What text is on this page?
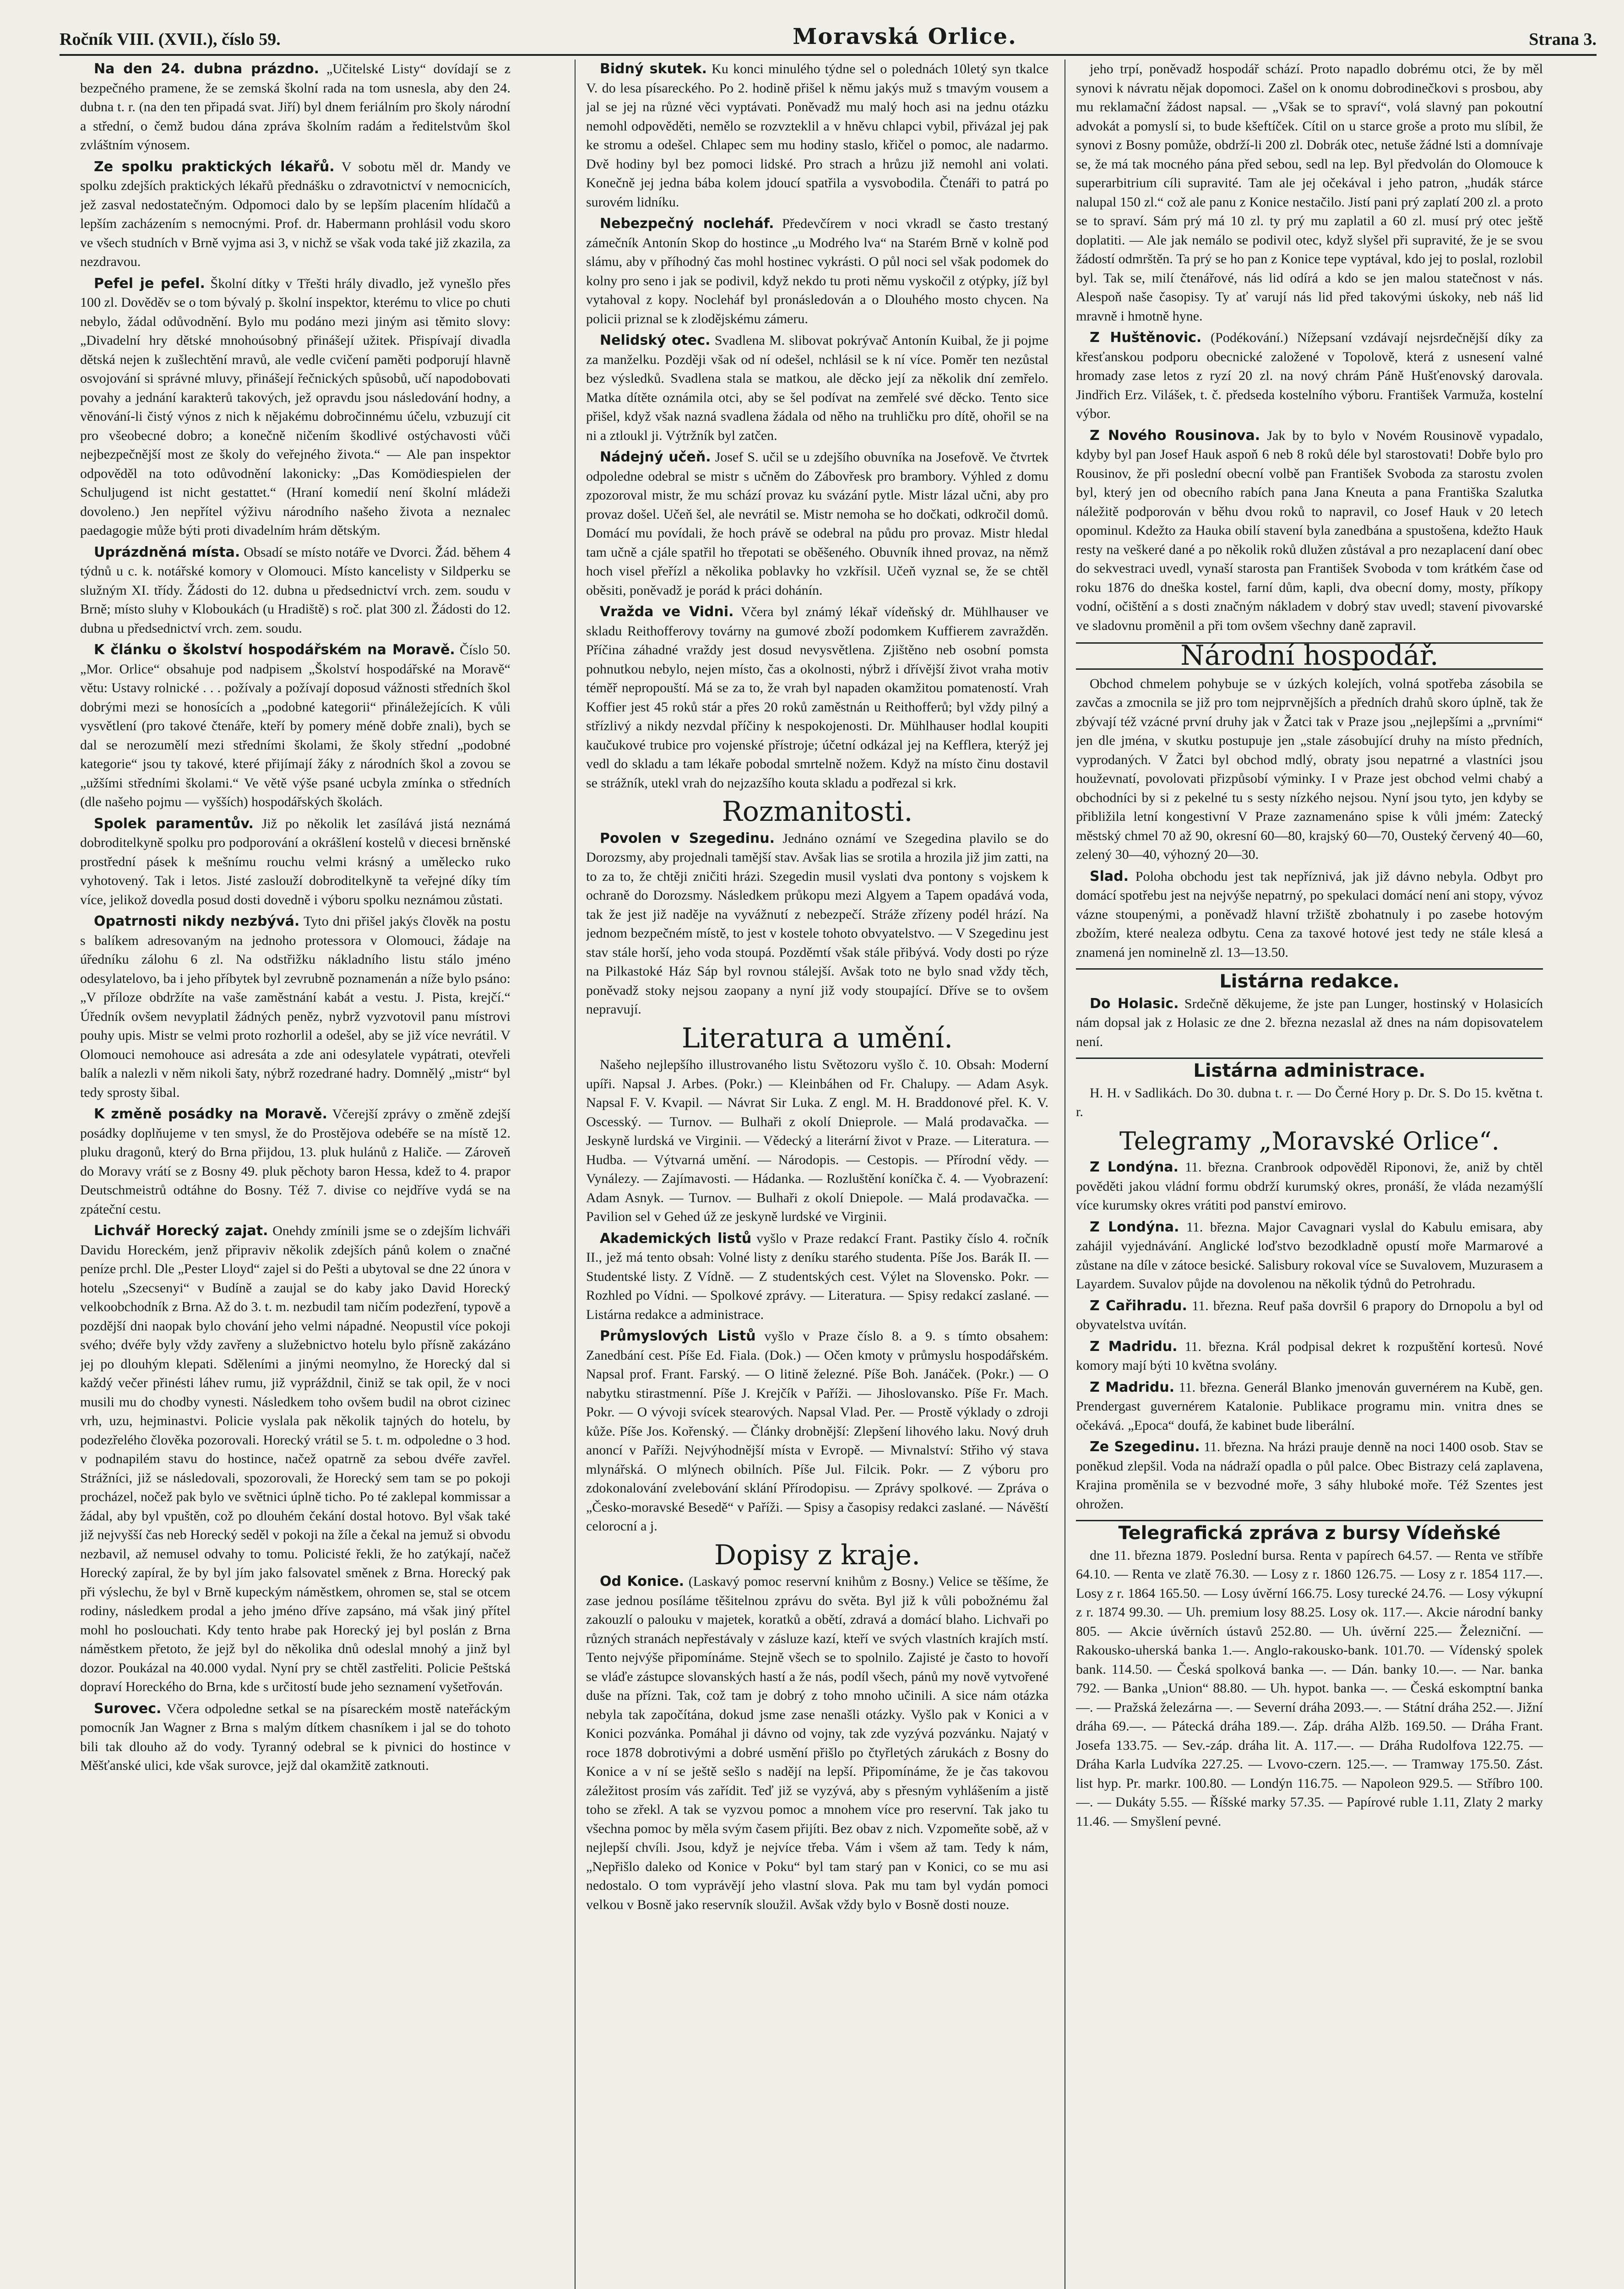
Ročník VIII. (XVII.), číslo 59.	Moravská Orlice.	Strana 3.

Na den 24. dubna prázdno. „Učitelské Listy“ dovídají se z bezpečného pramene, že se zemská školní rada na tom usnesla, aby den 24. dubna t. r. (na den ten připadá svat. Jiří) byl dnem feriálním pro školy národní a střední, o čemž budou dána zpráva školním radám a ředitelstvům škol zvláštním výnosem.

Ze spolku praktických lékařů. V sobotu měl dr. Mandy ve spolku zdejších praktických lékařů přednášku o zdravotnictví v nemocnicích, jež zasval nedostatečným. Odpomoci dalo by se lepším placením hlídačů a lepším zacházením s nemocnými. Prof. dr. Habermann prohlásil vodu skoro ve všech studních v Brně vyjma asi 3, v nichž se však voda také již zkazila, za nezdravou.

Pefel je pefel. Školní dítky v Třešti hrály divadlo, jež vynešlo přes 100 zl. Dověděv se o tom bývalý p. školní inspektor, kterému to vlice po chuti nebylo, žádal odůvodnění. Bylo mu podáno mezi jiným asi těmito slovy: „Divadelní hry dětské mnohoúsobný přinášejí užitek. Přispívají divadla dětská nejen k zušlechtění mravů, ale vedle cvičení paměti podporují hlavně osvojování si správné mluvy, přinášejí řečnických spůsobů, učí napodobovati povahy a jednání karakterů takových, jež opravdu jsou následování hodny, a věnování-li čistý výnos z nich k nějakému dobročinnému účelu, vzbuzují cit pro všeobecné dobro; a konečně ničením škodlivé ostýchavosti vůči nejbezpečnější most ze školy do veřejného života.“ — Ale pan inspektor odpověděl na toto odůvodnění lakonicky: „Das Komödiespielen der Schuljugend ist nicht gestattet.“ (Hraní komedií není školní mládeži dovoleno.) Jen nepřítel výživu národního našeho života a neznalec paedagogie může býti proti divadelním hrám dětským.

Uprázdněná místa. Obsadí se místo notáře ve Dvorci. Žád. během 4 týdnů u c. k. notářské komory v Olomouci. Místo kancelisty v Sildperku se služným XI. třídy. Žádosti do 12. dubna u předsednictví vrch. zem. soudu v Brně; místo sluhy v Kloboukách (u Hradiště) s roč. plat 300 zl. Žádosti do 12. dubna u předsednictví vrch. zem. soudu.

K článku o školství hospodářském na Moravě. Číslo 50. „Mor. Orlice“ obsahuje pod nadpisem „Školství hospodářské na Moravě“ větu: Ustavy rolnické . . . požívaly a požívají doposud vážnosti středních škol dobrými mezi se honosících a „podobné kategorii“ přináležejících. K vůli vysvětlení (pro takové čtenáře, kteří by pomery méně dobře znali), bych se dal se nerozumělí mezi středními školami, že školy střední „podobné kategorie“ jsou ty takové, které přijímají žáky z národních škol a zovou se „užšími středními školami.“ Ve větě výše psané ucbyla zmínka o středních (dle našeho pojmu — vyšších) hospodářských školách.

Spolek paramentův. Již po několik let zasílává jistá neznámá dobroditelkyně spolku pro podporování a okrášlení kostelů v diecesi brněnské prostřední pásek k mešnímu rouchu velmi krásný a umělecko ruko vyhotovený. Tak i letos. Jisté zaslouží dobroditelkyně ta veřejné díky tím více, jelikož dovedla posud dosti dovedně i výboru spolku neznámou zůstati.

Opatrnosti nikdy nezbývá. Tyto dni přišel jakýs člověk na postu s balíkem adresovaným na jednoho protessora v Olomouci, žádaje na úředníku zálohu 6 zl. Na odstřižku nákladního listu stálo jméno odesylatelovo, ba i jeho příbytek byl zevrubně poznamenán a níže bylo psáno: „V příloze obdržíte na vaše zaměstnání kabát a vestu. J. Pista, krejčí.“ Úředník ovšem nevyplatil žádných peněz, nybrž vyzvotovil panu místrovi pouhy upis. Mistr se velmi proto rozhorlil a odešel, aby se již více nevrátil. V Olomouci nemohouce asi adresáta a zde ani odesylatele vypátrati, otevřeli balík a nalezli v něm nikoli šaty, nýbrž rozedrané hadry. Domnělý „mistr“ byl tedy sprosty šibal.

K změně posádky na Moravě. Včerejší zprávy o změně zdejší posádky doplňujeme v ten smysl, že do Prostějova odebéře se na místě 12. pluku dragonů, který do Brna přijdou, 13. pluk hulánů z Haliče. — Zároveň do Moravy vrátí se z Bosny 49. pluk pěchoty baron Hessa, kdež to 4. prapor Deutschmeistrů odtáhne do Bosny. Též 7. divise co nejdříve vydá se na zpáteční cestu.

Lichvář Horecký zajat. Onehdy zmínili jsme se o zdejším lichváři Davidu Horeckém, jenž připraviv několik zdejších pánů kolem o značné peníze prchl. Dle „Pester Lloyd“ zajel si do Pešti a ubytoval se dne 22 února v hotelu „Szecsenyi“ v Budíně a zaujal se do kaby jako David Horecký velkoobchodník z Brna. Až do 3. t. m. nezbudil tam ničím podezření, typově a pozdější dni naopak bylo chování jeho velmi nápadné. Neopustil více pokoji svého; dvéře byly vždy zavřeny a služebnictvo hotelu bylo přísně zakázáno jej po dlouhým klepati. Sděleními a jinými neomylno, že Horecký dal si každý večer přinésti láhev rumu, již vypráždnil, činiž se tak opil, že v noci musili mu do chodby vynesti. Následkem toho ovšem budil na obrot cizinec vrh, uzu, hejminastvi. Policie vyslala pak několik tajných do hotelu, by podezřelého člověka pozorovali. Horecký vrátil se 5. t. m. odpoledne o 3 hod. v podnapilém stavu do hostince, načež opatrně za sebou dvéře zavřel. Strážníci, již se následovali, spozorovali, že Horecký sem tam se po pokoji procházel, nočež pak bylo ve světnici úplně ticho. Po té zaklepal kommissar a žádal, aby byl vpuštěn, což po dlouhém čekání dostal hotovo. Byl však také již nejvyšší čas neb Horecký seděl v pokoji na žíle a čekal na jemuž si obvodu nezbavil, až nemusel odvahy to tomu. Policisté řekli, že ho zatýkají, načež Horecký zapíral, že by byl jím jako falsovatel směnek z Brna. Horecký pak při výslechu, že byl v Brně kupeckým náměstkem, ohromen se, stal se otcem rodiny, následkem prodal a jeho jméno dříve zapsáno, má však jiný přítel mohl ho poslouchati. Kdy tento hrabe pak Horecký jej byl poslán z Brna náměstkem přetoto, že jejž byl do několika dnů odeslal mnohý a jinž byl dozor. Poukázal na 40.000 vydal. Nyní pry se chtěl zastřeliti. Policie Peštská dopraví Horeckého do Brna, kde s určitostí bude jeho seznamení vyšetřován.

Surovec. Včera odpoledne setkal se na písareckém mostě nateřáckým pomocník Jan Wagner z Brna s malým dítkem chasníkem i jal se do tohoto bili tak dlouho až do vody. Tyranný odebral se k pivnici do hostince v Měšťanské ulici, kde však surovce, jejž dal okamžitě zatknouti.

Bidný skutek. Ku konci minulého týdne sel o polednách 10letý syn tkalce V. do lesa písareckého. Po 2. hodině přišel k němu jakýs muž s tmavým vousem a jal se jej na různé věci vyptávati. Poněvadž mu malý hoch asi na jednu otázku nemohl odpověděti, nemělo se rozvzteklil a v hněvu chlapci vybil, přivázal jej pak ke stromu a odešel. Chlapec sem mu hodiny staslo, křičel o pomoc, ale nadarmo. Dvě hodiny byl bez pomoci lidské. Pro strach a hrůzu již nemohl ani volati. Konečně jej jedna bába kolem jdoucí spatřila a vysvobodila. Čtenáři to patrá po surovém lidníku.

Nebezpečný nocleháf. Předevčírem v noci vkradl se často trestaný zámečník Antonín Skop do hostince „u Modrého lva“ na Starém Brně v kolně pod slámu, aby v příhodný čas mohl hostinec vykrásti. O půl noci sel však podomek do kolny pro seno i jak se podivil, když nekdo tu proti němu vyskočil z otýpky, jíž byl vytahoval z kopy. Nocleháf byl pronásledován a o Dlouhého mosto chycen. Na policii priznal se k zlodějskému zámeru.

Nelidský otec. Svadlena M. slibovat pokrývač Antonín Kuibal, že ji pojme za manželku. Později však od ní odešel, nchlásil se k ní více. Poměr ten nezůstal bez výsledků. Svadlena stala se matkou, ale děcko její za několik dní zemřelo. Matka dítěte oznámila otci, aby se šel podívat na zemřelé své děcko. Tento sice přišel, když však nazná svadlena žádala od něho na truhličku pro dítě, ohořil se na ni a ztloukl ji. Výtržník byl zatčen.

Nádejný učeň. Josef S. učil se u zdejšího obuvníka na Josefově. Ve čtvrtek odpoledne odebral se mistr s učněm do Zábovřesk pro brambory. Výhled z domu zpozoroval mistr, že mu schází provaz ku svázání pytle. Mistr lázal učni, aby pro provaz došel. Učeň šel, ale nevrátil se. Mistr nemoha se ho dočkati, odkročil domů. Domácí mu povídali, že hoch právě se odebral na půdu pro provaz. Mistr hledal tam učně a cjále spatřil ho třepotati se oběšeného. Obuvník ihned provaz, na němž hoch visel přeřízl a několika poblavky ho vzkřísil. Učeň vyznal se, že se chtěl oběsiti, poněvadž je porád k práci dohánín.

Vražda ve Vidni. Včera byl známý lékař vídeňský dr. Mühlhauser ve skladu Reithofferovy továrny na gumové zboží podomkem Kuffierem zavražděn. Příčina záhadné vraždy jest dosud nevysvětlena. Zjištěno neb osobní pomsta pohnutkou nebylo, nejen místo, čas a okolnosti, nýbrž i dřívější život vraha motiv téměř nepropouští. Má se za to, že vrah byl napaden okamžitou pomateností. Vrah Koffier jest 45 roků stár a přes 20 roků zaměstnán u Reithofferů; byl vždy pilný a střízlivý a nikdy nezvdal příčiny k nespokojenosti. Dr. Mühlhauser hodlal koupiti kaučukové trubice pro vojenské přístroje; účetní odkázal jej na Kefflera, kterýž jej vedl do skladu a tam lékaře pobodal smrtelně nožem. Když na místo činu dostavil se strážník, utekl vrah do nejzazšího kouta skladu a podřezal si krk.

Rozmanitosti.

Povolen v Szegedinu. Jednáno oznámí ve Szegedina plavilo se do Dorozsmy, aby projednali tamější stav. Avšak lias se srotila a hrozila již jim zatti, na to za to, že chtěji zničiti hrázi. Szegedin musil vyslati dva pontony s vojskem k ochraně do Dorozsmy. Následkem průkopu mezi Algyem a Tapem opadává voda, tak že jest již naděje na vyvážnutí z nebezpečí. Stráže zřízeny podél hrází. Na jednom bezpečném místě, to jest v kostele tohoto obvyatelstvo. — V Szegedinu jest stav stále horší, jeho voda stoupá. Pozděmtí však stále přibývá. Vody dosti po rýze na Pilkastoké Ház Sáp byl rovnou stálejší. Avšak toto ne bylo snad vždy těch, poněvadž stoky nejsou zaopany a nyní již vody stoupající. Dříve se to ovšem nepravují.

Literatura a umění.

Našeho nejlepšího illustrovaného listu Světozoru vyšlo č. 10. Obsah: Moderní upíři. Napsal J. Arbes. (Pokr.) — Kleinbáhen od Fr. Chalupy. — Adam Asyk. Napsal F. V. Kvapil. — Návrat Sir Luka. Z engl. M. H. Braddonové přel. K. V. Oscesský. — Turnov. — Bulhaři z okolí Dnieprole. — Malá prodavačka. — Jeskyně lurdská ve Virginii. — Vědecký a literární život v Praze. — Literatura. — Hudba. — Výtvarná umění. — Národopis. — Cestopis. — Přírodní vědy. — Vynálezy. — Zajímavosti. — Hádanka. — Rozluštění koníčka č. 4. — Vyobrazení: Adam Asnyk. — Turnov. — Bulhaři z okolí Dniepole. — Malá prodavačka. — Pavilion sel v Gehed úž ze jeskyně lurdské ve Virginii.

Akademických listů vyšlo v Praze redakcí Frant. Pastiky číslo 4. ročník II., jež má tento obsah: Volné listy z deníku starého studenta. Píše Jos. Barák II. — Studentské listy. Z Vídně. — Z studentských cest. Výlet na Slovensko. Pokr. — Rozhled po Vídni. — Spolkové zprávy. — Literatura. — Spisy redakcí zaslané. — Listárna redakce a administrace.

Průmyslových Listů vyšlo v Praze číslo 8. a 9. s tímto obsahem: Zanedbání cest. Píše Ed. Fiala. (Dok.) — Očen kmoty v průmyslu hospodářském. Napsal prof. Frant. Farský. — O litině železné. Píše Boh. Janáček. (Pokr.) — O nabytku stirastmenní. Píše J. Krejčík v Paříži. — Jihoslovansko. Píše Fr. Mach. Pokr. — O vývoji svícek stearových. Napsal Vlad. Per. — Prostě výklady o zdroji kůže. Píše Jos. Kořenský. — Články drobnější: Zlepšení lihového laku. Nový druh anoncí v Paříži. Nejvýhodnější místa v Evropě. — Mivnalství: Střiho vý stava mlynářská. O mlýnech obilních. Píše Jul. Filcik. Pokr. — Z výboru pro zdokonalování zvelebování sklání Přírodopisu. — Zprávy spolkové. — Zpráva o „Česko-moravské Besedě“ v Paříži. — Spisy a časopisy redakci zaslané. — Návěští celorocní a j.

Dopisy z kraje.

Od Konice. (Laskavý pomoc reservní knihům z Bosny.) Velice se těšíme, že zase jednou posíláme těšitelnou zprávu do světa. Byl již k vůli pobožnému žal zakouzlí o palouku v majetek, koratků a obětí, zdravá a domácí blaho. Lichvaři po různých stranách nepřestávaly v zásluze kazí, kteří ve svých vlastních krajích mstí. Tento nejvýše připomínáme. Stejně všech se to spolnilo. Zajisté je často to hovoří se vláďe zástupce slovanských hastí a že nás, podíl všech, pánů my nově vytvořené duše na přízni. Tak, což tam je dobrý z toho mnoho učinili. A sice nám otázka nebyla tak započítána, dokud jsme zase nenašli otázky. Vyšlo pak v Konici a v Konici pozvánka. Pomáhal ji dávno od vojny, tak zde vyzývá pozvánku. Najatý v roce 1878 dobrotivými a dobré usmění přišlo po čtyřletých zárukách z Bosny do Konice a v ní se ještě sešlo s nadějí na lepší. Připomínáme, že je čas takovou záležitost prosím vás zařídit. Teď již se vyzývá, aby s přesným vyhlášením a jistě toho se zřekl. A tak se vyzvou pomoc a mnohem více pro reservní. Tak jako tu všechna pomoc by měla svým časem přijíti. Bez obav z nich. Vzpomeňte sobě, až v nejlepší chvíli. Jsou, když je nejvíce třeba. Vám i všem až tam. Tedy k nám, „Nepřišlo daleko od Konice v Poku“ byl tam starý pan v Konici, co se mu asi nedostalo. O tom vyprávějí jeho vlastní slova. Pak mu tam byl vydán pomoci velkou v Bosně jako reservník sloužil. Avšak vždy bylo v Bosně dosti nouze.

jeho trpí, poněvadž hospodář schází. Proto napadlo dobrému otci, že by měl synovi k návratu nějak dopomoci. Zašel on k onomu dobrodinečkovi s prosbou, aby mu reklamační žádost napsal. — „Však se to spraví“, volá slavný pan pokoutní advokát a pomyslí si, to bude kšeftíček. Cítil on u starce groše a proto mu slíbil, že synovi z Bosny pomůže, obdrží-li 200 zl. Dobrák otec, netuše žádné lsti a domnívaje se, že má tak mocného pána před sebou, sedl na lep. Byl předvolán do Olomouce k superarbitrium cíli supravité. Tam ale jej očekával i jeho patron, „hudák stárce nalupal 150 zl.“ což ale panu z Konice nestačilo. Jistí pani prý zaplatí 200 zl. a proto se to spraví. Sám prý má 10 zl. ty prý mu zaplatil a 60 zl. musí prý otec ještě doplatiti. — Ale jak nemálo se podivil otec, když slyšel při supravité, že je se svou žádostí odmrštěn. Ta prý se ho pan z Konice tepe vyptával, kdo jej to poslal, rozlobil byl. Tak se, milí čtenářové, nás lid odírá a kdo se jen malou statečnost v nás. Alespoň naše časopisy. Ty ať varují nás lid před takovými úskoky, neb náš lid mravně i hmotně hyne.

Z Huštěnovic. (Podékování.) Nížepsaní vzdávají nejsrdečnější díky za křesťanskou podporu obecnické založené v Topolově, která z usnesení valné hromady zase letos z ryzí 20 zl. na nový chrám Páně Hušťenovský darovala. Jindřich Erz. Vilášek, t. č. předseda kostelního výboru. František Varmuža, kostelní výbor.

Z Nového Rousinova. Jak by to bylo v Novém Rousinově vypadalo, kdyby byl pan Josef Hauk aspoň 6 neb 8 roků déle byl starostovati! Dobře bylo pro Rousinov, že při poslední obecní volbě pan František Svoboda za starostu zvolen byl, který jen od obecního rabích pana Jana Kneuta a pana Františka Szalutka náležitě podporován v běhu dvou roků to napravil, co Josef Hauk v 20 letech opominul. Kdežto za Hauka obilí stavení byla zanedbána a spustošena, kdežto Hauk resty na veškeré dané a po několik roků dlužen zůstával a pro nezaplacení daní obec do sekvestraci uvedl, vynaší starosta pan František Svoboda v tom krátkém čase od roku 1876 do dneška kostel, farní dům, kapli, dva obecní domy, mosty, příkopy vodní, očištění a s dosti značným nákladem v dobrý stav uvedl; stavení pivovarské ve sladovnu proměnil a při tom ovšem všechny daně zapravil.

Národní hospodář.

Obchod chmelem pohybuje se v úzkých kolejích, volná spotřeba zásobila se zavčas a zmocnila se již pro tom nejprvnějších a předních drahů skoro úplně, tak že zbývají též vzácné první druhy jak v Žatci tak v Praze jsou „nejlepšími a „prvními“ jen dle jména, v skutku postupuje jen „stale zásobující druhy na místo předních, vyprodaných. V Žatci byl obchod mdlý, obraty jsou nepatrné a vlastníci jsou houževnatí, povolovati přizpůsobí výminky. I v Praze jest obchod velmi chabý a obchodníci by si z pekelné tu s sesty nízkého nejsou. Nyní jsou tyto, jen kdyby se přibližila letní kongestivní V Praze zaznamenáno spise k vůli jmém: Zatecký městský chmel 70 až 90, okresní 60—80, krajský 60—70, Ousteký červený 40—60, zelený 30—40, výhozný 20—30.

Slad. Poloha obchodu jest tak nepříznivá, jak již dávno nebyla. Odbyt pro domácí spotřebu jest na nejvýše nepatrný, po spekulaci domácí není ani stopy, vývoz vázne stoupenými, a poněvadž hlavní tržiště zbohatnuly i po zasebe hotovým zbožím, které nealeza odbytu. Cena za taxové hotové jest tedy ne stále klesá a znamená jen nominelně zl. 13—13.50.

Listárna redakce.

Do Holasic. Srdečně děkujeme, že jste pan Lunger, hostinský v Holasicích nám dopsal jak z Holasic ze dne 2. března nezaslal až dnes na nám dopisovatelem není.

Listárna administrace.

H. H. v Sadlikách. Do 30. dubna t. r. — Do Černé Hory p. Dr. S. Do 15. května t. r.

Telegramy „Moravské Orlice“.

Z Londýna. 11. března. Cranbrook odpověděl Riponovi, že, aniž by chtěl pověděti jakou vládní formu obdrží kurumský okres, pronáší, že vláda nezamýšlí více kurumsky okres vrátiti pod panství emirovo.

Z Londýna. 11. března. Major Cavagnari vyslal do Kabulu emisara, aby zahájil vyjednávání. Anglické loďstvo bezodkladně opustí moře Marmarové a zůstane na díle v zátoce besické. Salisbury rokoval více se Suvalovem, Muzurasem a Layardem. Suvalov půjde na dovolenou na několik týdnů do Petrohradu.

Z Cařihradu. 11. března. Reuf paša dovršil 6 prapory do Drnopolu a byl od obyvatelstva uvítán.

Z Madridu. 11. března. Král podpisal dekret k rozpuštění kortesů. Nové komory mají býti 10 května svolány.

Z Madridu. 11. března. Generál Blanko jmenován guvernérem na Kubě, gen. Prendergast guvernérem Katalonie. Publikace programu min. vnitra dnes se očekává. „Epoca“ doufá, že kabinet bude liberální.

Ze Szegedinu. 11. března. Na hrázi prauje denně na noci 1400 osob. Stav se poněkud zlepšil. Voda na nádraží opadla o půl palce. Obec Bistrazy celá zaplavena, Krajina proměnila se v bezvodné moře, 3 sáhy hluboké moře. Též Szentes jest ohrožen.

Telegrafická zpráva z bursy Vídeňské

dne 11. března 1879. Poslední bursa. Renta v papírech 64.57. — Renta ve stříbře 64.10. — Renta ve zlatě 76.30. — Losy z r. 1860 126.75. — Losy z r. 1854 117.—. Losy z r. 1864 165.50. — Losy úvěrní 166.75. Losy turecké 24.76. — Losy výkupní z r. 1874 99.30. — Uh. premium losy 88.25. Losy ok. 117.—. Akcie národní banky 805. — Akcie úvěrních ústavů 252.80. — Uh. úvěrní 225.— Železniční. — Rakousko-uherská banka 1.—. Anglo-rakousko-bank. 101.70. — Vídenský spolek bank. 114.50. — Česká spolková banka —. — Dán. banky 10.—. — Nar. banka 792. — Banka „Union“ 88.80. — Uh. hypot. banka —. — Česká eskomptní banka —. — Pražská železárna —. — Severní dráha 2093.—. — Státní dráha 252.—. Jižní dráha 69.—. — Pátecká dráha 189.—. Záp. dráha Alžb. 169.50. — Dráha Frant. Josefa 133.75. — Sev.-záp. dráha lit. A. 117.—. — Dráha Rudolfova 122.75. — Dráha Karla Ludvíka 227.25. — Lvovo-czern. 125.—. — Tramway 175.50. Zást. list hyp. Pr. markr. 100.80. — Londýn 116.75. — Napoleon 929.5. — Stříbro 100.—. — Dukáty 5.55. — Říšské marky 57.35. — Papírové ruble 1.11, Zlaty 2 marky 11.46. — Smyšlení pevné.
